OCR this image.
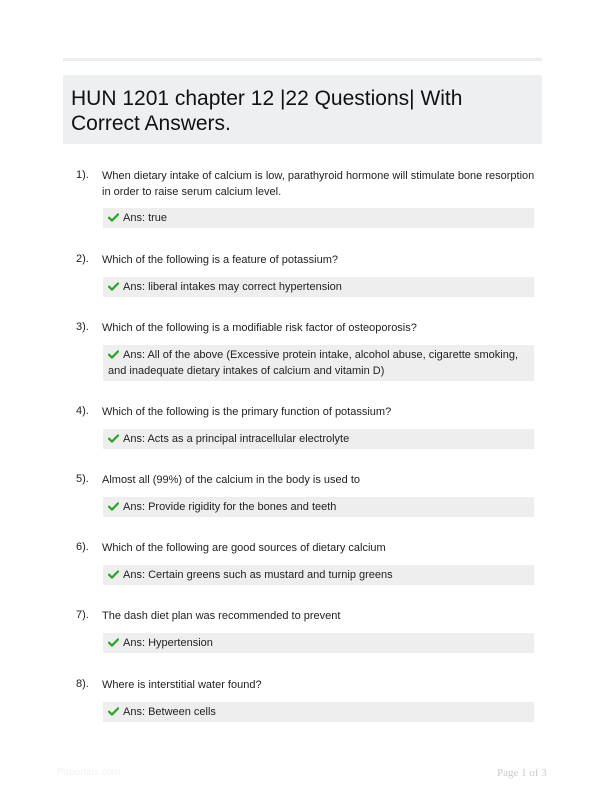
HUN 1201 chapter 12 |22 Questions| With Correct Answers.
1). When dietary intake of calcium is low, parathyroid hormone will stimulate bone resorption in order to raise serum calcium level.
Ans: true
2). Which of the following is a feature of potassium?
Ans: liberal intakes may correct hypertension
3). Which of the following is a modifiable risk factor of osteoporosis?
Ans: All of the above (Excessive protein intake, alcohol abuse, cigarette smoking, and inadequate dietary intakes of calcium and vitamin D)
4). Which of the following is the primary function of potassium?
Ans: Acts as a principal intracellular electrolyte
5). Almost all (99%) of the calcium in the body is used to
Ans: Provide rigidity for the bones and teeth
6). Which of the following are good sources of dietary calcium
Ans: Certain greens such as mustard and turnip greens
7). The dash diet plan was recommended to prevent
Ans: Hypertension
8). Where is interstitial water found?
Ans: Between cells
Paperlibs.com	Page 1 of 3
